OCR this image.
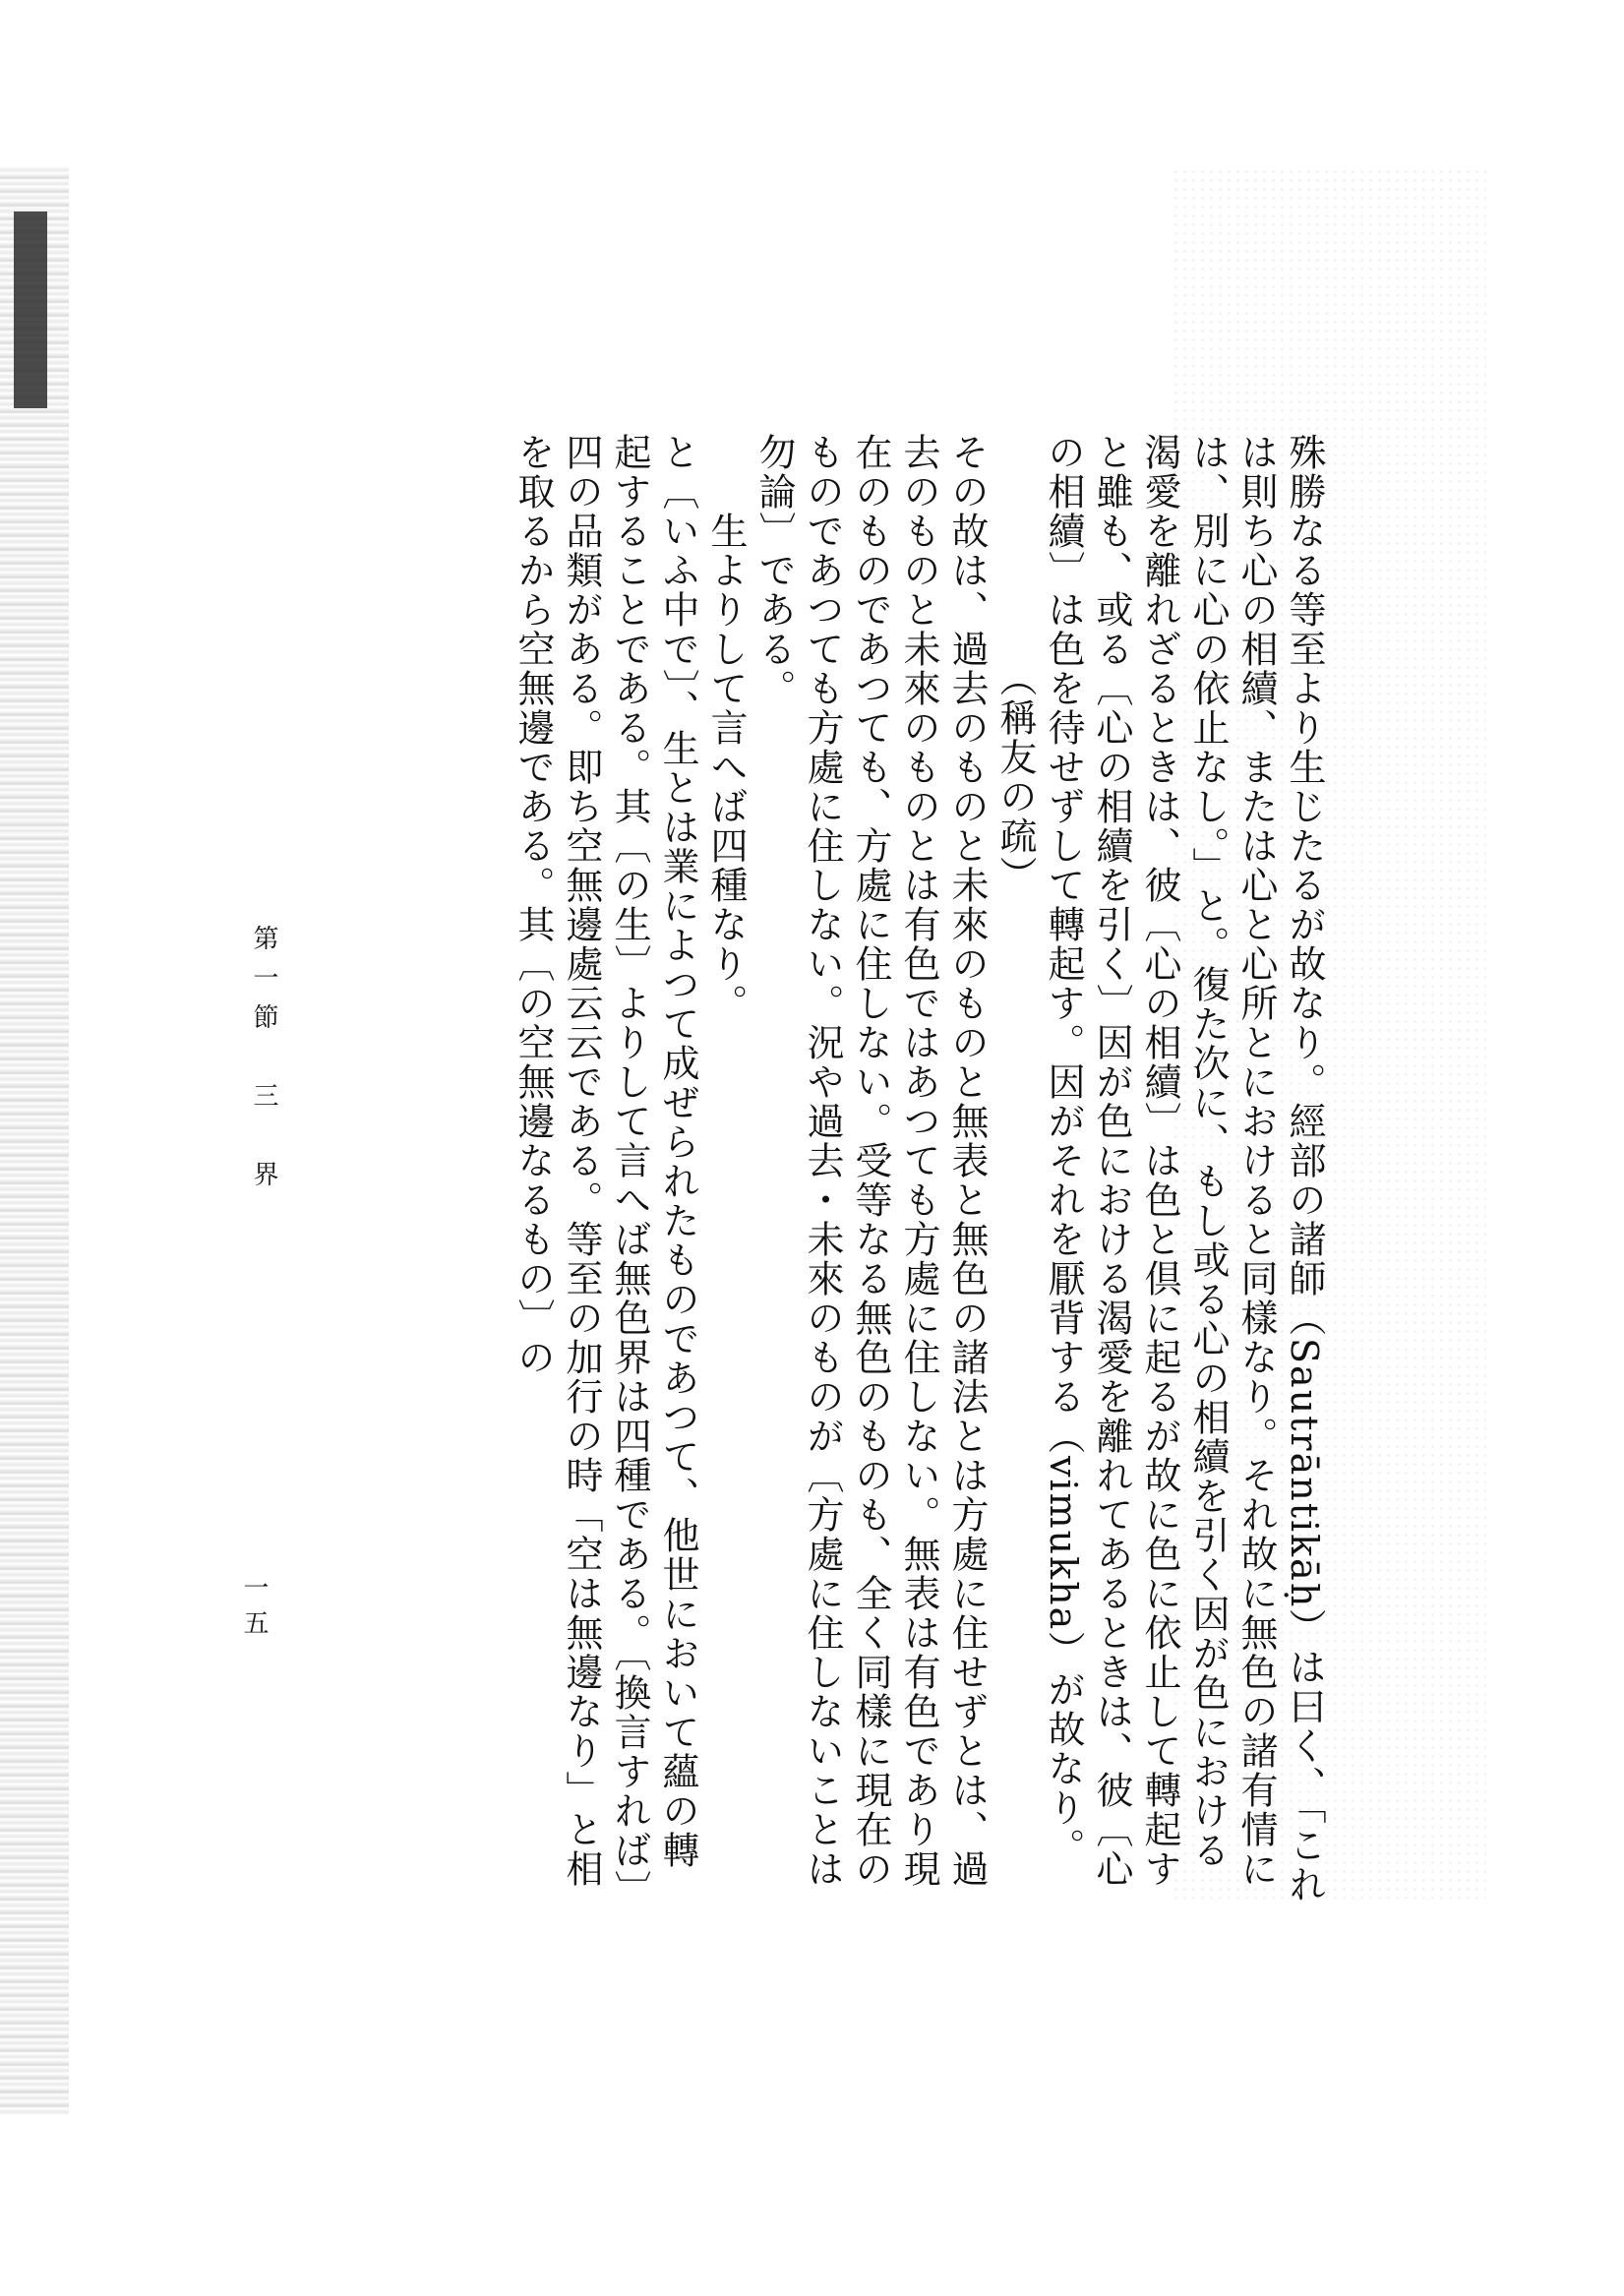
殊勝なる等至より生じたるが故なり。經部の諸師（Sautrāntikāḥ）は曰く、「これは則ち心の相續、または心と心所とにおけると同樣なり。それ故に無色の諸有情には、別に心の依止なし。」と。復た次に、もし或る心の相續を引く因が色における渴愛を離れざるときは、彼〔心の相續〕は色と倶に起るが故に色に依止して轉起すと雖も、或る〔心の相續を引く〕因が色における渴愛を離れてあるときは、彼〔心の相續〕は色を待せずして轉起す。因がそれを厭背する（vimukha）が故なり。

（稱友の疏）

その故は、過去のものと未來のものと無表と無色の諸法とは方處に住せずとは、過去のものと未來のものとは有色ではあつても方處に住しない。無表は有色であり現在のものであつても、方處に住しない。受等なる無色のものも、全く同樣に現在のものであつても方處に住しない。況や過去・未來のものが〔方處に住しないことは勿論〕である。

生よりして言へば四種なり。

と〔いふ中で〕、生とは業によつて成ぜられたものであつて、他世において蘊の轉起することである。其〔の生〕よりして言へば無色界は四種である。〔換言すれば〕四の品類がある。即ち空無邊處云云である。等至の加行の時「空は無邊なり」と相を取るから空無邊である。其〔の空無邊なるもの〕の

第一節　三　界
一五
